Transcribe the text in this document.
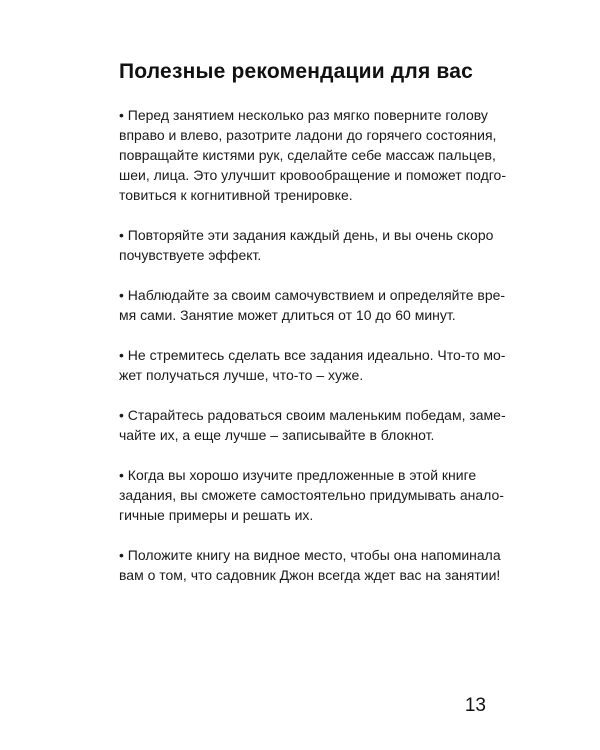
Полезные рекомендации для вас
• Перед занятием несколько раз мягко поверните голову
вправо и влево, разотрите ладони до горячего состояния,
повращайте кистями рук, сделайте себе массаж пальцев,
шеи, лица. Это улучшит кровообращение и поможет подго-
товиться к когнитивной тренировке.
• Повторяйте эти задания каждый день, и вы очень скоро
почувствуете эффект.
• Наблюдайте за своим самочувствием и определяйте вре-
мя сами. Занятие может длиться от 10 до 60 минут.
• Не стремитесь сделать все задания идеально. Что-то мо-
жет получаться лучше, что-то – хуже.
• Старайтесь радоваться своим маленьким победам, заме-
чайте их, а еще лучше – записывайте в блокнот.
• Когда вы хорошо изучите предложенные в этой книге
задания, вы сможете самостоятельно придумывать анало-
гичные примеры и решать их.
• Положите книгу на видное место, чтобы она напоминала
вам о том, что садовник Джон всегда ждет вас на занятии!
13
